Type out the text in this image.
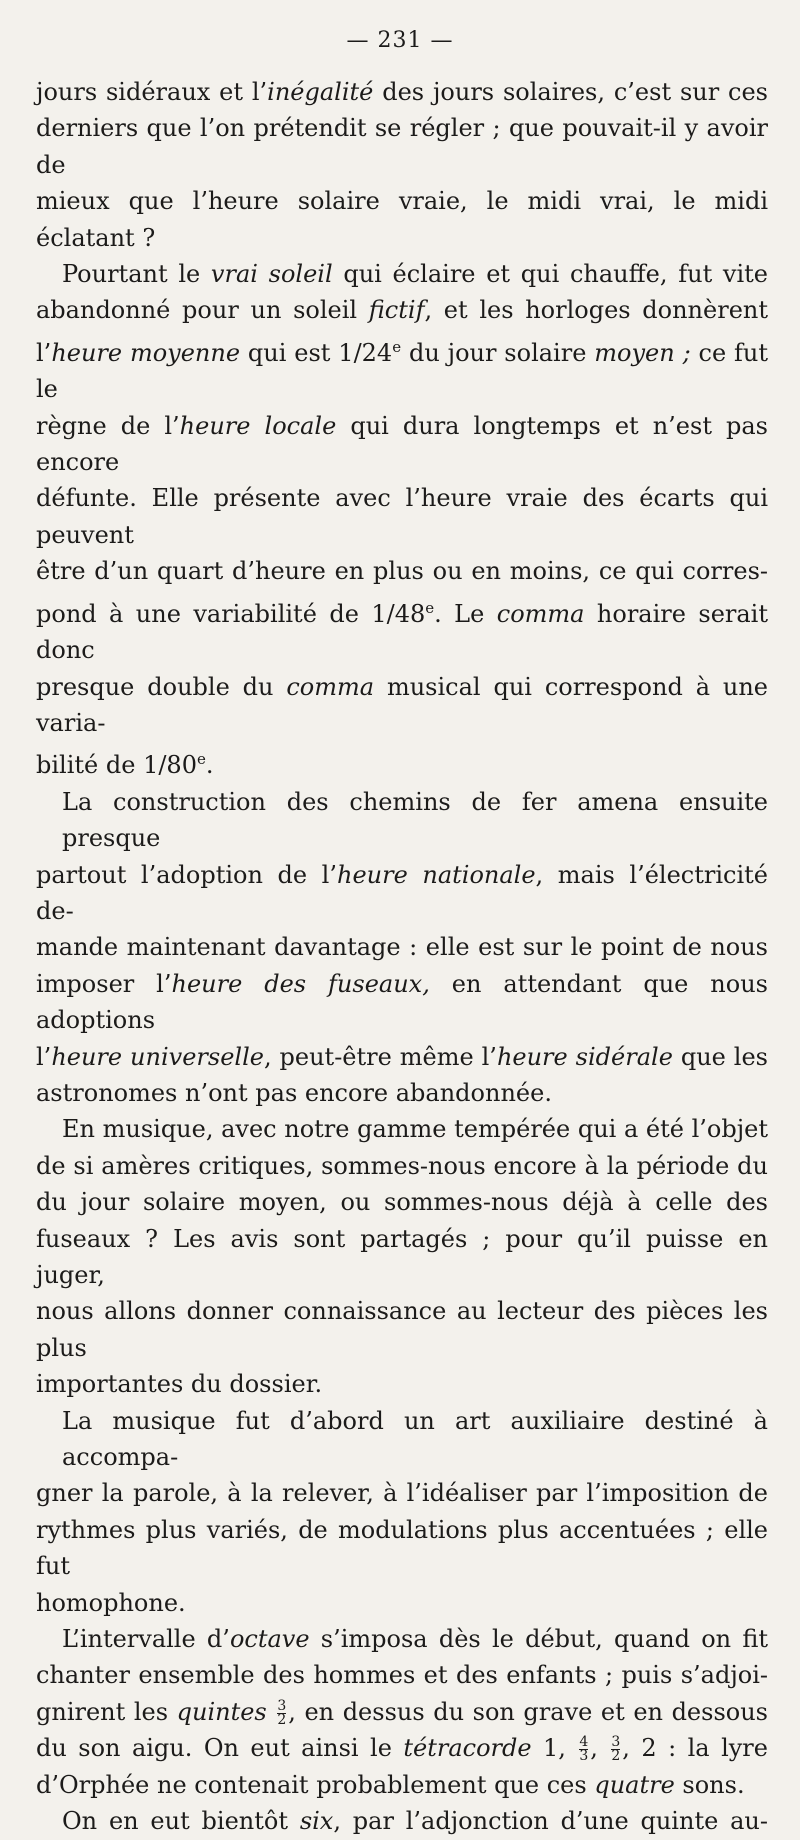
— 231 —

jours sidéraux et l’inégalité des jours solaires, c’est sur ces
derniers que l’on prétendit se régler ; que pouvait-il y avoir de
mieux que l’heure solaire vraie, le midi vrai, le midi éclatant ?

Pourtant le vrai soleil qui éclaire et qui chauffe, fut vite
abandonné pour un soleil fictif, et les horloges donnèrent
l’heure moyenne qui est 1/24e du jour solaire moyen ; ce fut le
règne de l’heure locale qui dura longtemps et n’est pas encore
défunte. Elle présente avec l’heure vraie des écarts qui peuvent
être d’un quart d’heure en plus ou en moins, ce qui corres-
pond à une variabilité de 1/48e. Le comma horaire serait donc
presque double du comma musical qui correspond à une varia-
bilité de 1/80e.

La construction des chemins de fer amena ensuite presque
partout l’adoption de l’heure nationale, mais l’électricité de-
mande maintenant davantage : elle est sur le point de nous
imposer l’heure des fuseaux, en attendant que nous adoptions
l’heure universelle, peut-être même l’heure sidérale que les
astronomes n’ont pas encore abandonnée.

En musique, avec notre gamme tempérée qui a été l’objet
de si amères critiques, sommes-nous encore à la période du
du jour solaire moyen, ou sommes-nous déjà à celle des
fuseaux ? Les avis sont partagés ; pour qu’il puisse en juger,
nous allons donner connaissance au lecteur des pièces les plus
importantes du dossier.

La musique fut d’abord un art auxiliaire destiné à accompa-
gner la parole, à la relever, à l’idéaliser par l’imposition de
rythmes plus variés, de modulations plus accentuées ; elle fut
homophone.

L’intervalle d’octave s’imposa dès le début, quand on fit
chanter ensemble des hommes et des enfants ; puis s’adjoi-
gnirent les quintes $\frac{3}{2}$ , en dessus du son grave et en dessous
du son aigu. On eut ainsi le tétracorde 1, $\frac{4}{3}$ , $\frac{3}{2}$ , 2 : la lyre
d’Orphée ne contenait probablement que ces quatre sons.

On en eut bientôt six, par l’adjonction d’une quinte au-
